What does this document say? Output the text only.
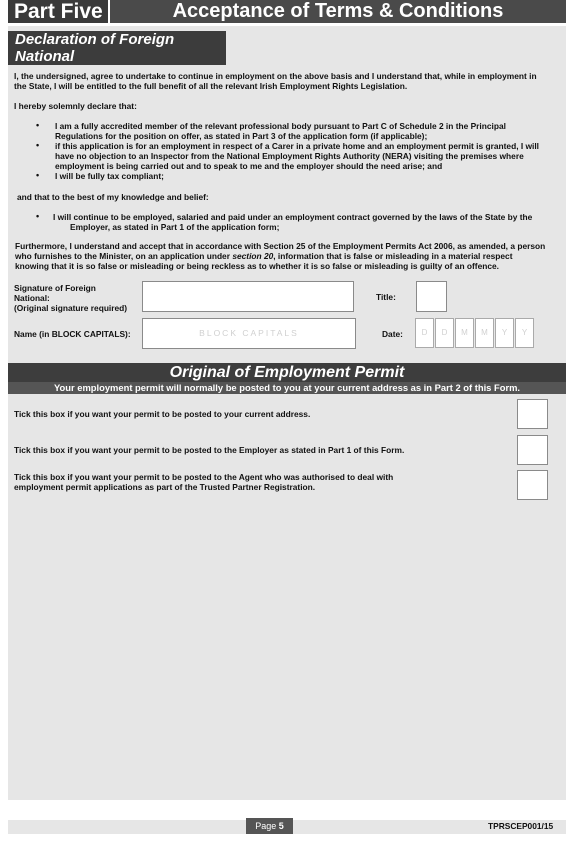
Part Five	Acceptance of Terms & Conditions
Declaration of Foreign
National
I, the undersigned, agree to undertake to continue in employment on the above basis and I understand that, while in employment in
the State, I will be entitled to the full benefit of all the relevant Irish Employment Rights Legislation.
I hereby solemnly declare that:
• I am a fully accredited member of the relevant professional body pursuant to Part C of Schedule 2 in the Principal
Regulations for the position on offer, as stated in Part 3 of the application form (if applicable);
• if this application is for an employment in respect of a Carer in a private home and an employment permit is granted, I will
have no objection to an Inspector from the National Employment Rights Authority (NERA) visiting the premises where
employment is being carried out and to speak to me and the employer should the need arise; and
• I will be fully tax compliant;
and that to the best of my knowledge and belief:
• I will continue to be employed, salaried and paid under an employment contract governed by the laws of the State by the
Employer, as stated in Part 1 of the application form;
Furthermore, I understand and accept that in accordance with Section 25 of the Employment Permits Act 2006, as amended, a person
who furnishes to the Minister, on an application under section 20, information that is false or misleading in a material respect
knowing that it is so false or misleading or being reckless as to whether it is so false or misleading is guilty of an offence.
Signature of Foreign
National:
(Original signature required)
Title:
Name (in BLOCK CAPITALS):	BLOCK CAPITALS	Date:	D	D	M	M	Y	Y
Original of Employment Permit
Your employment permit will normally be posted to you at your current address as in Part 2 of this Form.
Tick this box if you want your permit to be posted to your current address.
Tick this box if you want your permit to be posted to the Employer as stated in Part 1 of this Form.
Tick this box if you want your permit to be posted to the Agent who was authorised to deal with
employment permit applications as part of the Trusted Partner Registration.
Page 5	TPRSCEP001/15
